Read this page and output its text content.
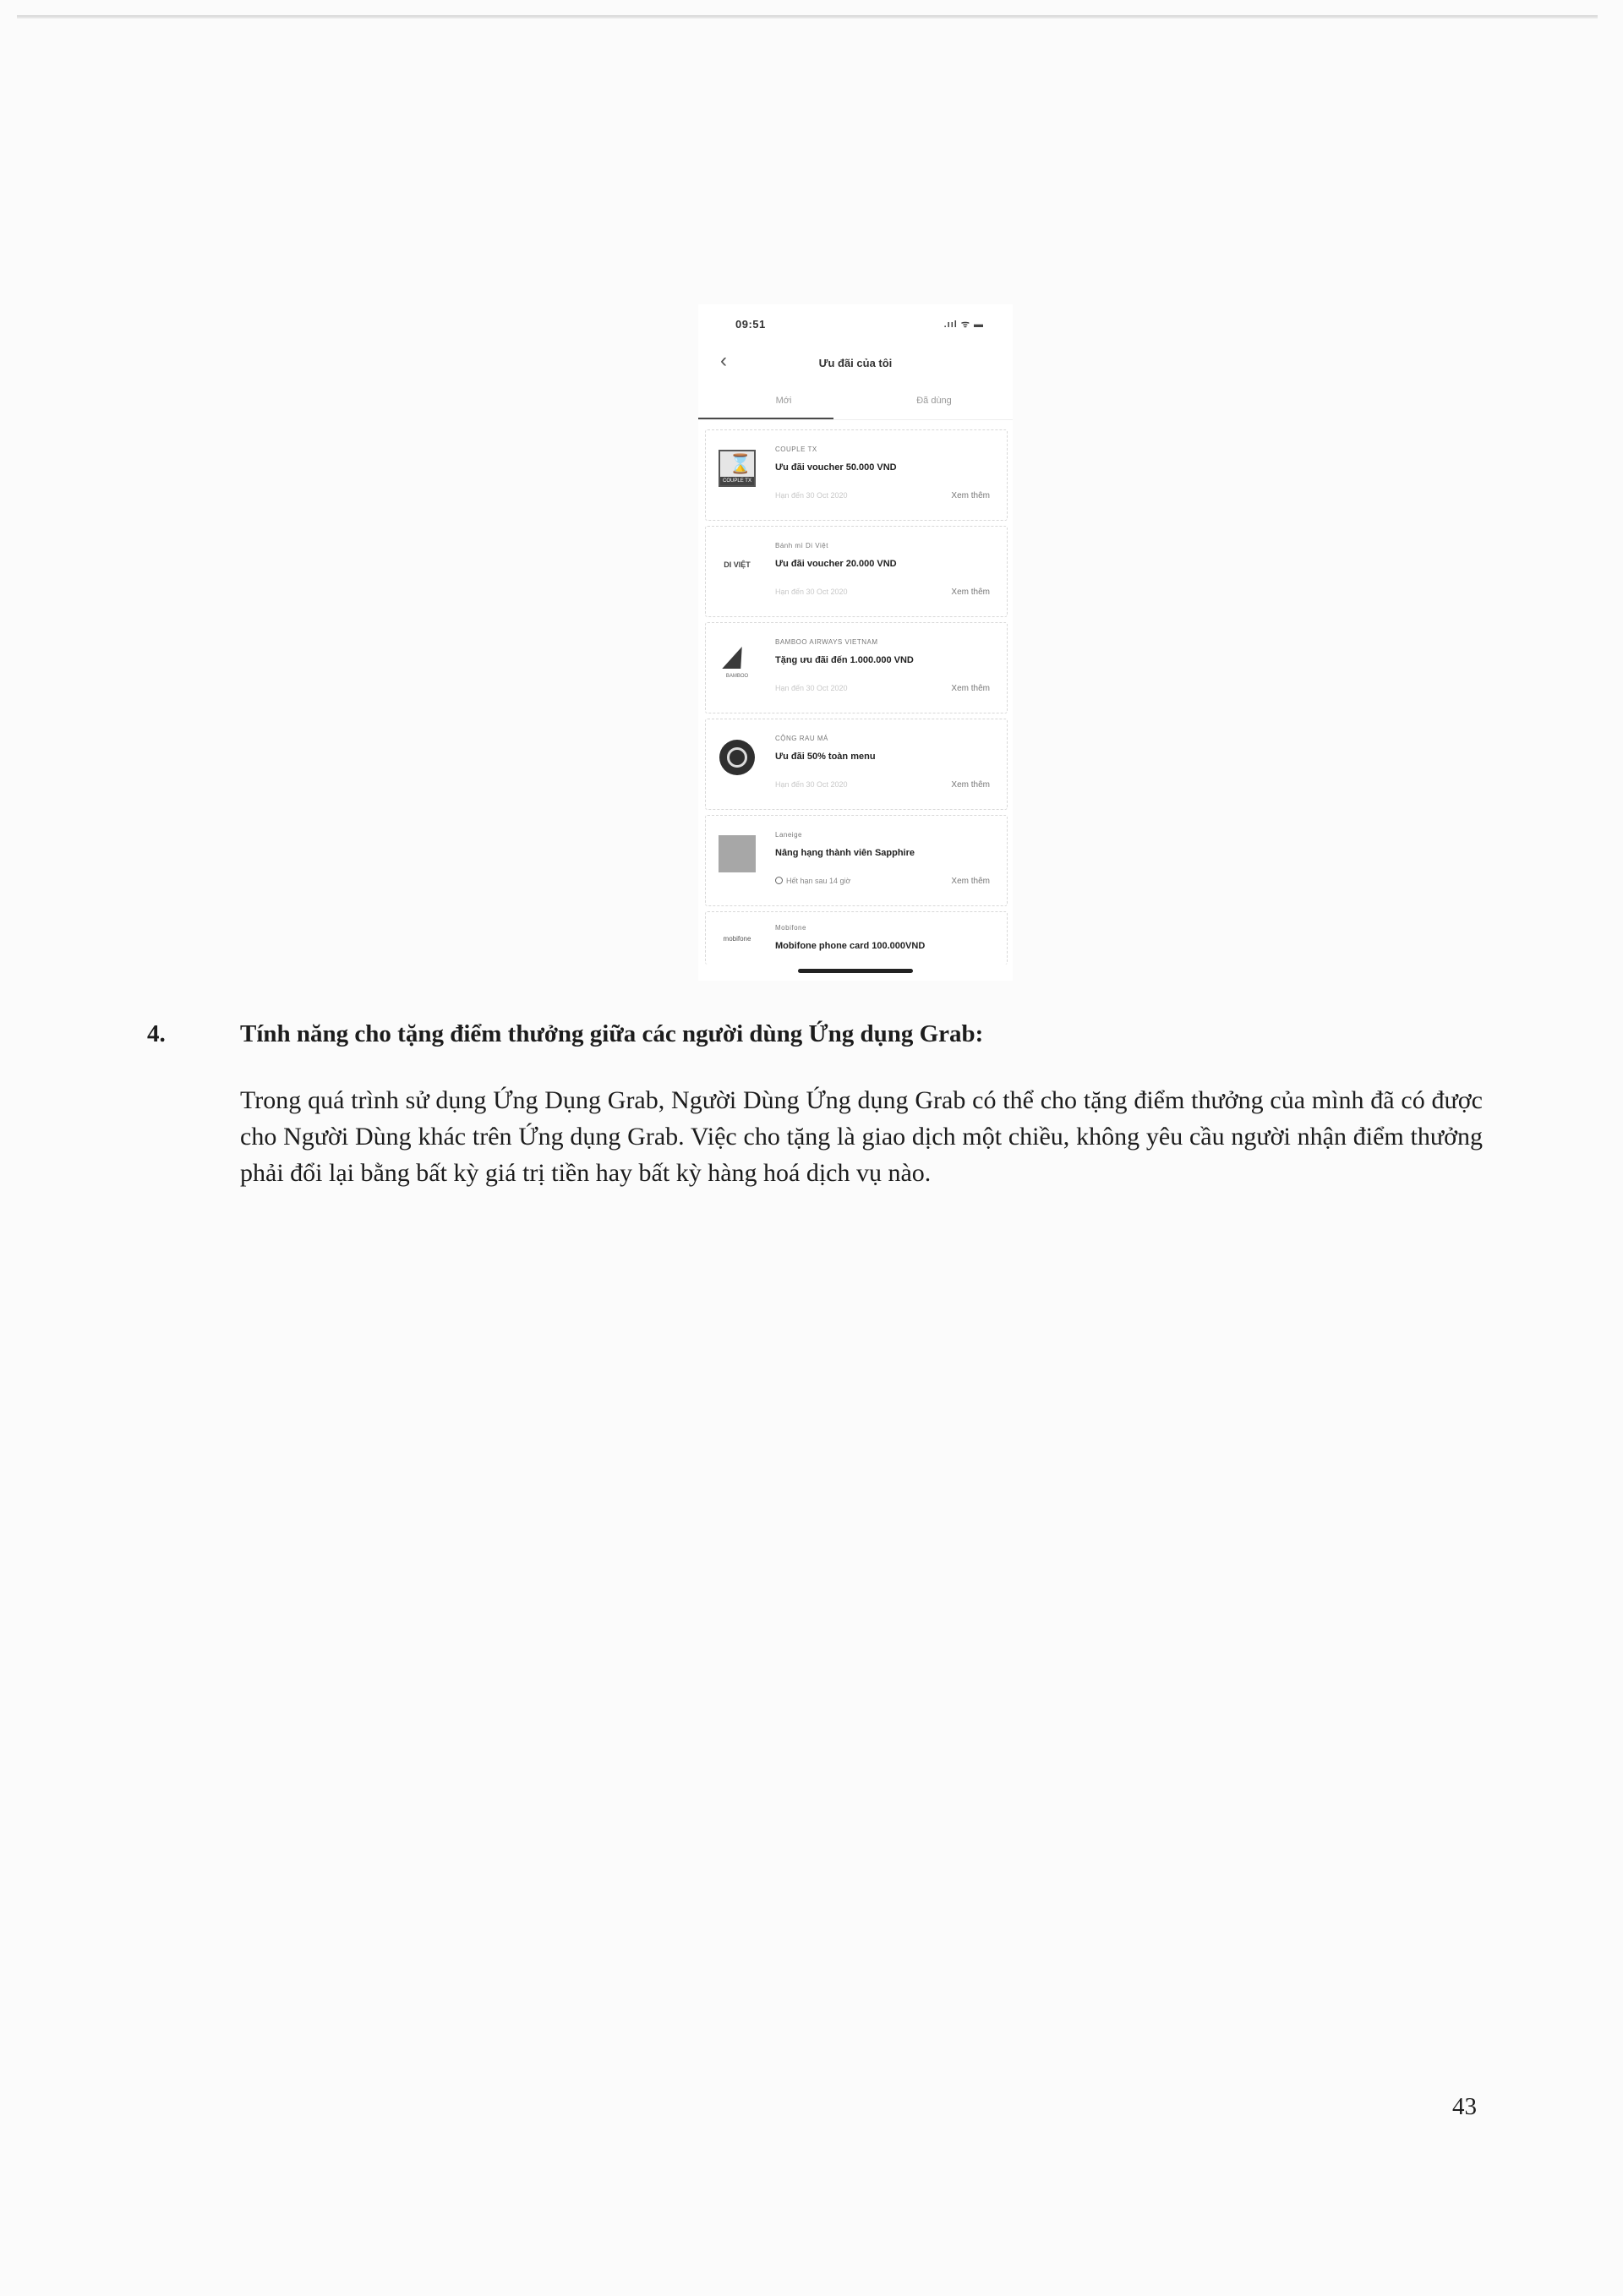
09:51	.ııl ᯤ ▬
‹	Ưu đãi của tôi
Mới	Đã dùng
⌛
COUPLE TX
COUPLE TX
Ưu đãi voucher 50.000 VND
Hạn đến 30 Oct 2020	Xem thêm
DI VIỆT
Bánh mì Di Việt
Ưu đãi voucher 20.000 VND
Hạn đến 30 Oct 2020	Xem thêm
BAMBOO
BAMBOO AIRWAYS VIETNAM
Tặng ưu đãi đến 1.000.000 VND
Hạn đến 30 Oct 2020	Xem thêm
CỘNG RAU MÁ
Ưu đãi 50% toàn menu
Hạn đến 30 Oct 2020	Xem thêm
Laneige
Nâng hạng thành viên Sapphire
Hết hạn sau 14 giờ	Xem thêm
mobifone
Mobifone
Mobifone phone card 100.000VND
4.	Tính năng cho tặng điểm thưởng giữa các người dùng Ứng dụng Grab:
Trong quá trình sử dụng Ứng Dụng Grab, Người Dùng Ứng dụng Grab có thể cho tặng điểm thưởng của mình đã có được cho Người Dùng khác trên Ứng dụng Grab. Việc cho tặng là giao dịch một chiều, không yêu cầu người nhận điểm thưởng phải đổi lại bằng bất kỳ giá trị tiền hay bất kỳ hàng hoá dịch vụ nào.
43
